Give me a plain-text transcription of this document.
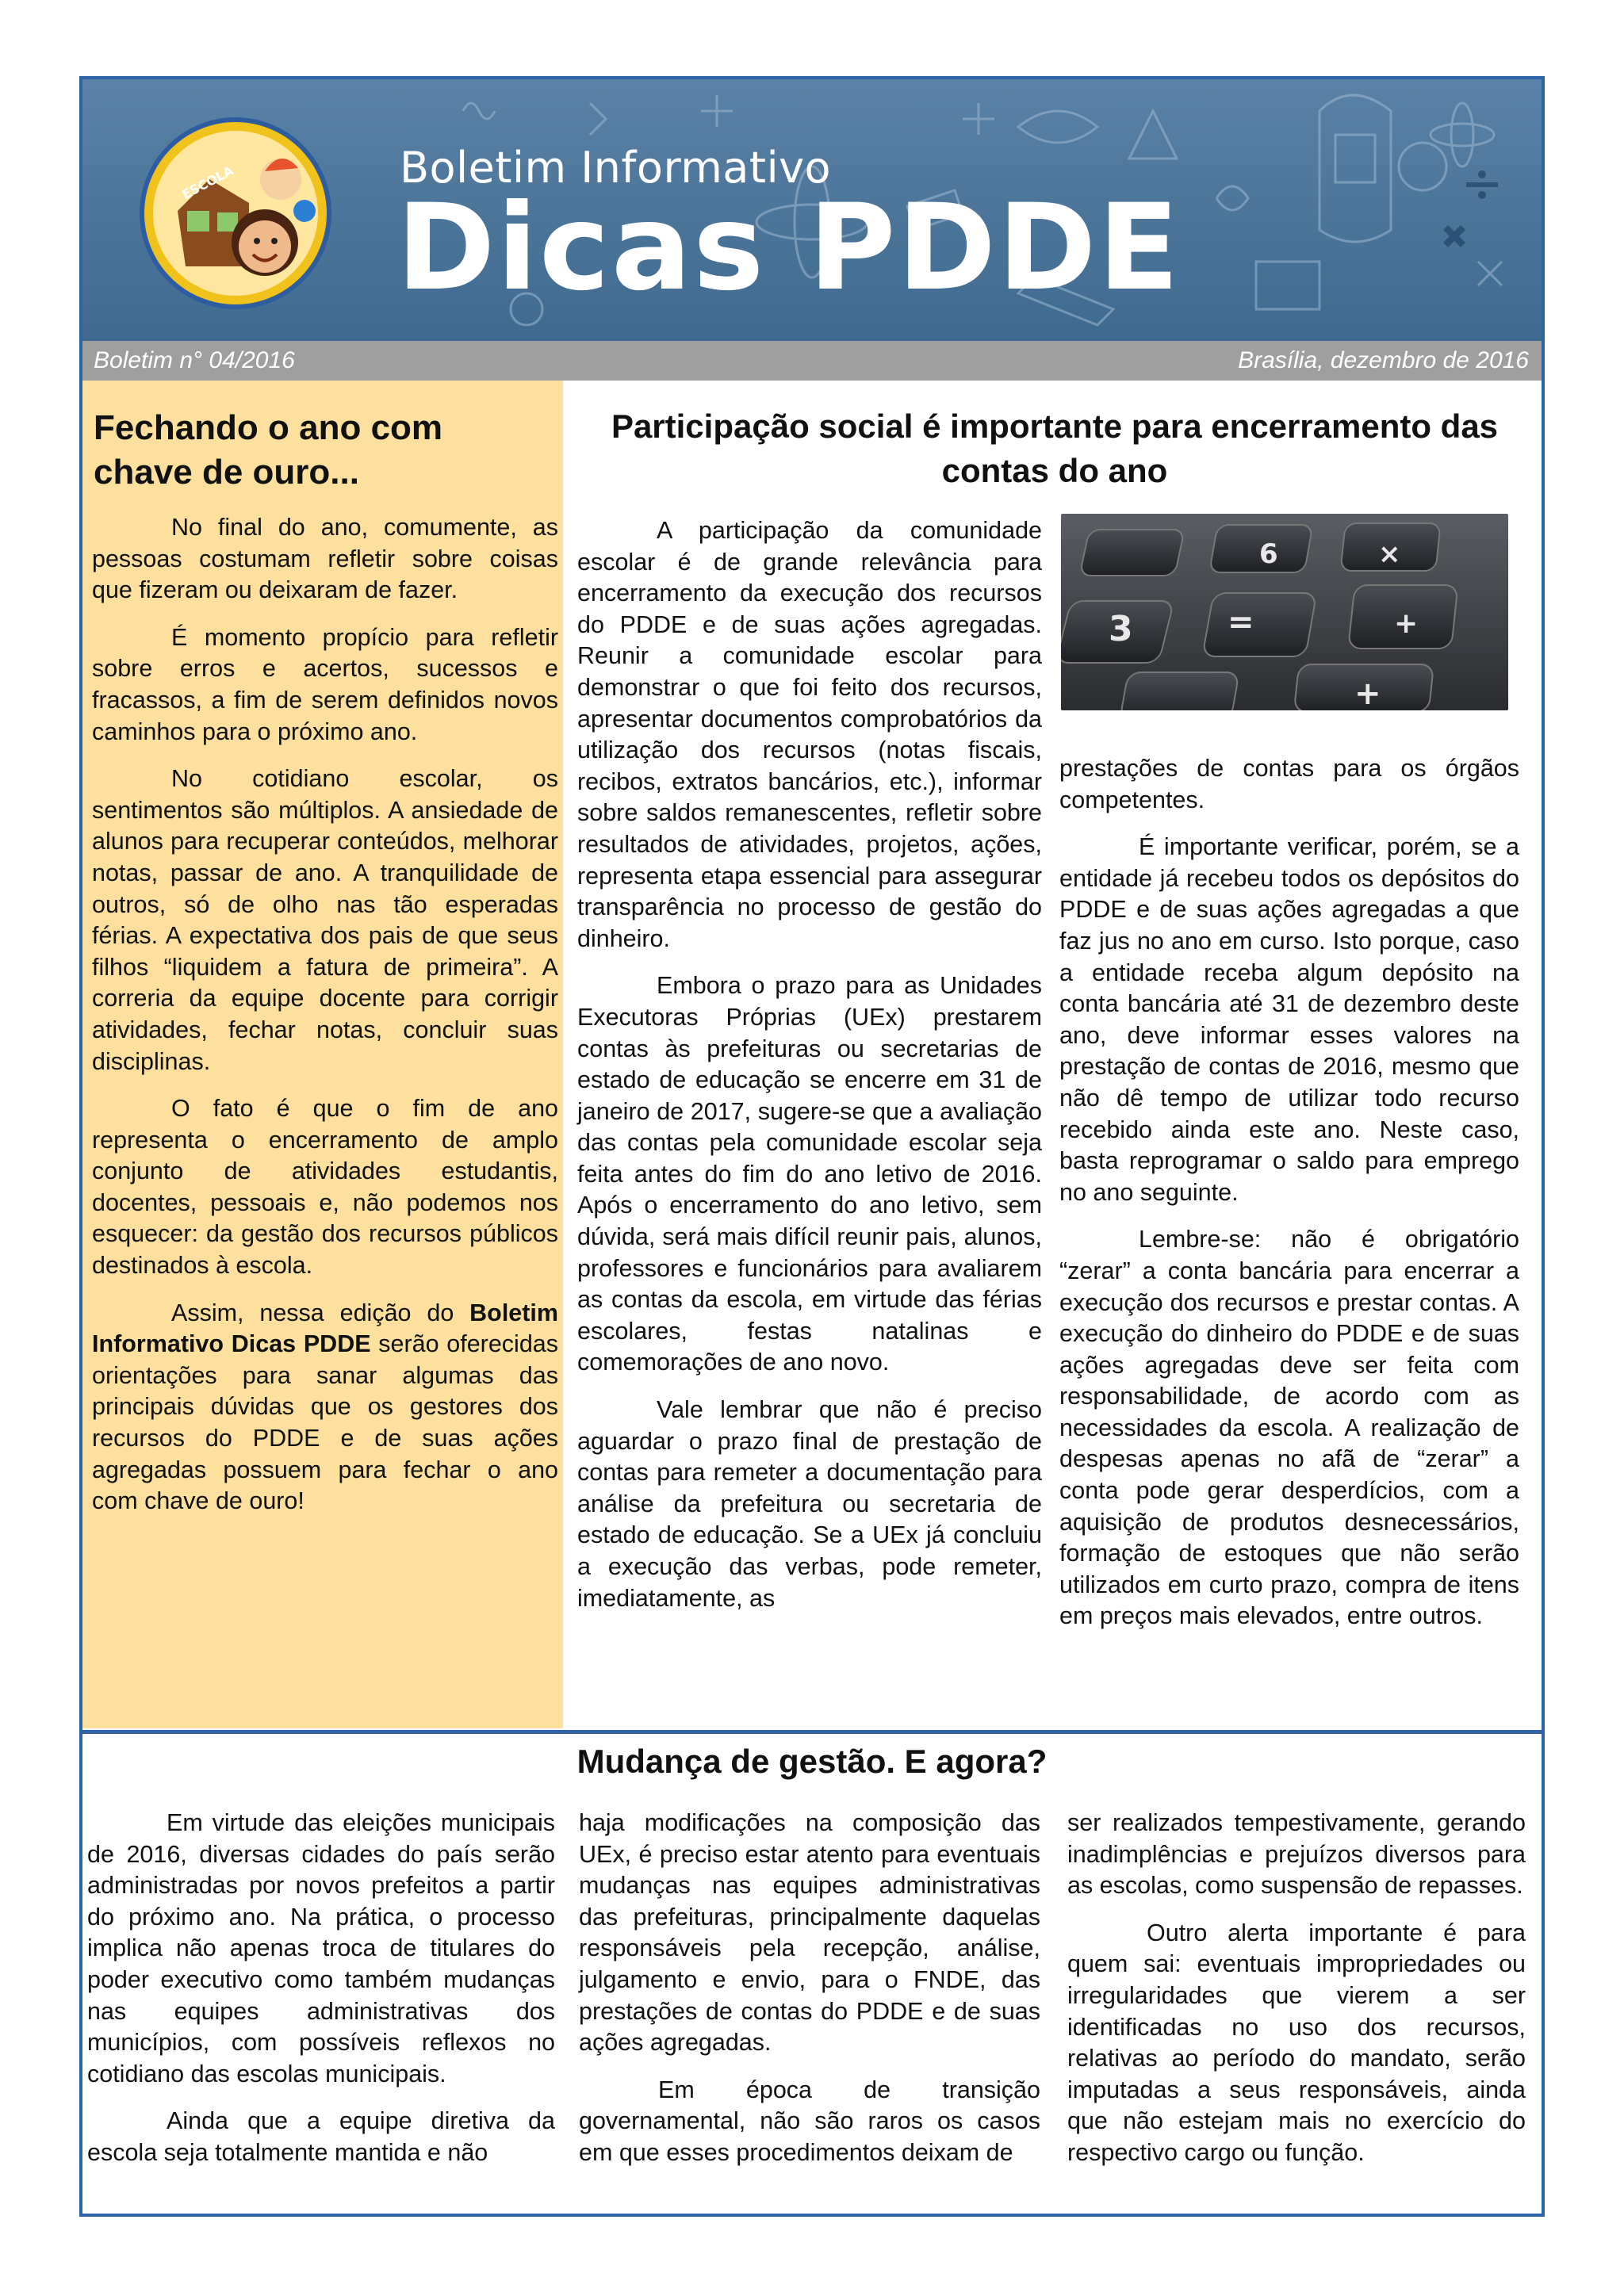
ESCOLA	Boletim Informativo
Dicas PDDE
Boletim n° 04/2016	Brasília, dezembro de 2016
Fechando o ano com chave de ouro...

No final do ano, comumente, as pessoas costumam refletir sobre coisas que fizeram ou deixaram de fazer.

É momento propício para refletir sobre erros e acertos, sucessos e fracassos, a fim de serem definidos novos caminhos para o próximo ano.

No cotidiano escolar, os sentimentos são múltiplos. A ansiedade de alunos para recuperar conteúdos, melhorar notas, passar de ano. A tranquilidade de outros, só de olho nas tão esperadas férias. A expectativa dos pais de que seus filhos “liquidem a fatura de primeira”. A correria da equipe docente para corrigir atividades, fechar notas, concluir suas disciplinas.

O fato é que o fim de ano representa o encerramento de amplo conjunto de atividades estudantis, docentes, pessoais e, não podemos nos esquecer: da gestão dos recursos públicos destinados à escola.

Assim, nessa edição do Boletim Informativo Dicas PDDE serão oferecidas orientações para sanar algumas das principais dúvidas que os gestores dos recursos do PDDE e de suas ações agregadas possuem para fechar o ano com chave de ouro!

Participação social é importante para encerramento das contas do ano

A participação da comunidade escolar é de grande relevância para encerramento da execução dos recursos do PDDE e de suas ações agregadas. Reunir a comunidade escolar para demonstrar o que foi feito dos recursos, apresentar documentos comprobatórios da utilização dos recursos (notas fiscais, recibos, extratos bancários, etc.), informar sobre saldos remanescentes, refletir sobre resultados de atividades, projetos, ações, representa etapa essencial para assegurar transparência no processo de gestão do dinheiro.

Embora o prazo para as Unidades Executoras Próprias (UEx) prestarem contas às prefeituras ou secretarias de estado de educação se encerre em 31 de janeiro de 2017, sugere-se que a avaliação das contas pela comunidade escolar seja feita antes do fim do ano letivo de 2016. Após o encerramento do ano letivo, sem dúvida, será mais difícil reunir pais, alunos, professores e funcionários para avaliarem as contas da escola, em virtude das férias escolares, festas natalinas e comemorações de ano novo.

Vale lembrar que não é preciso aguardar o prazo final de prestação de contas para remeter a documentação para análise da prefeitura ou secretaria de estado de educação. Se a UEx já concluiu a execução das verbas, pode remeter, imediatamente, as

3	=
6	×
+
+

prestações de contas para os órgãos competentes.

É importante verificar, porém, se a entidade já recebeu todos os depósitos do PDDE e de suas ações agregadas a que faz jus no ano em curso. Isto porque, caso a entidade receba algum depósito na conta bancária até 31 de dezembro deste ano, deve informar esses valores na prestação de contas de 2016, mesmo que não dê tempo de utilizar todo recurso recebido ainda este ano. Neste caso, basta reprogramar o saldo para emprego no ano seguinte.

Lembre-se: não é obrigatório “zerar” a conta bancária para encerrar a execução dos recursos e prestar contas. A execução do dinheiro do PDDE e de suas ações agregadas deve ser feita com responsabilidade, de acordo com as necessidades da escola. A realização de despesas apenas no afã de “zerar” a conta pode gerar desperdícios, com a aquisição de produtos desnecessários, formação de estoques que não serão utilizados em curto prazo, compra de itens em preços mais elevados, entre outros.

Mudança de gestão. E agora?

Em virtude das eleições municipais de 2016, diversas cidades do país serão administradas por novos prefeitos a partir do próximo ano. Na prática, o processo implica não apenas troca de titulares do poder executivo como também mudanças nas equipes administrativas dos municípios, com possíveis reflexos no cotidiano das escolas municipais.

Ainda que a equipe diretiva da escola seja totalmente mantida e não

haja modificações na composição das UEx, é preciso estar atento para eventuais mudanças nas equipes administrativas das prefeituras, principalmente daquelas responsáveis pela recepção, análise, julgamento e envio, para o FNDE, das prestações de contas do PDDE e de suas ações agregadas.

Em época de transição governamental, não são raros os casos em que esses procedimentos deixam de

ser realizados tempestivamente, gerando inadimplências e prejuízos diversos para as escolas, como suspensão de repasses.

Outro alerta importante é para quem sai: eventuais impropriedades ou irregularidades que vierem a ser identificadas no uso dos recursos, relativas ao período do mandato, serão imputadas a seus responsáveis, ainda que não estejam mais no exercício do respectivo cargo ou função.
